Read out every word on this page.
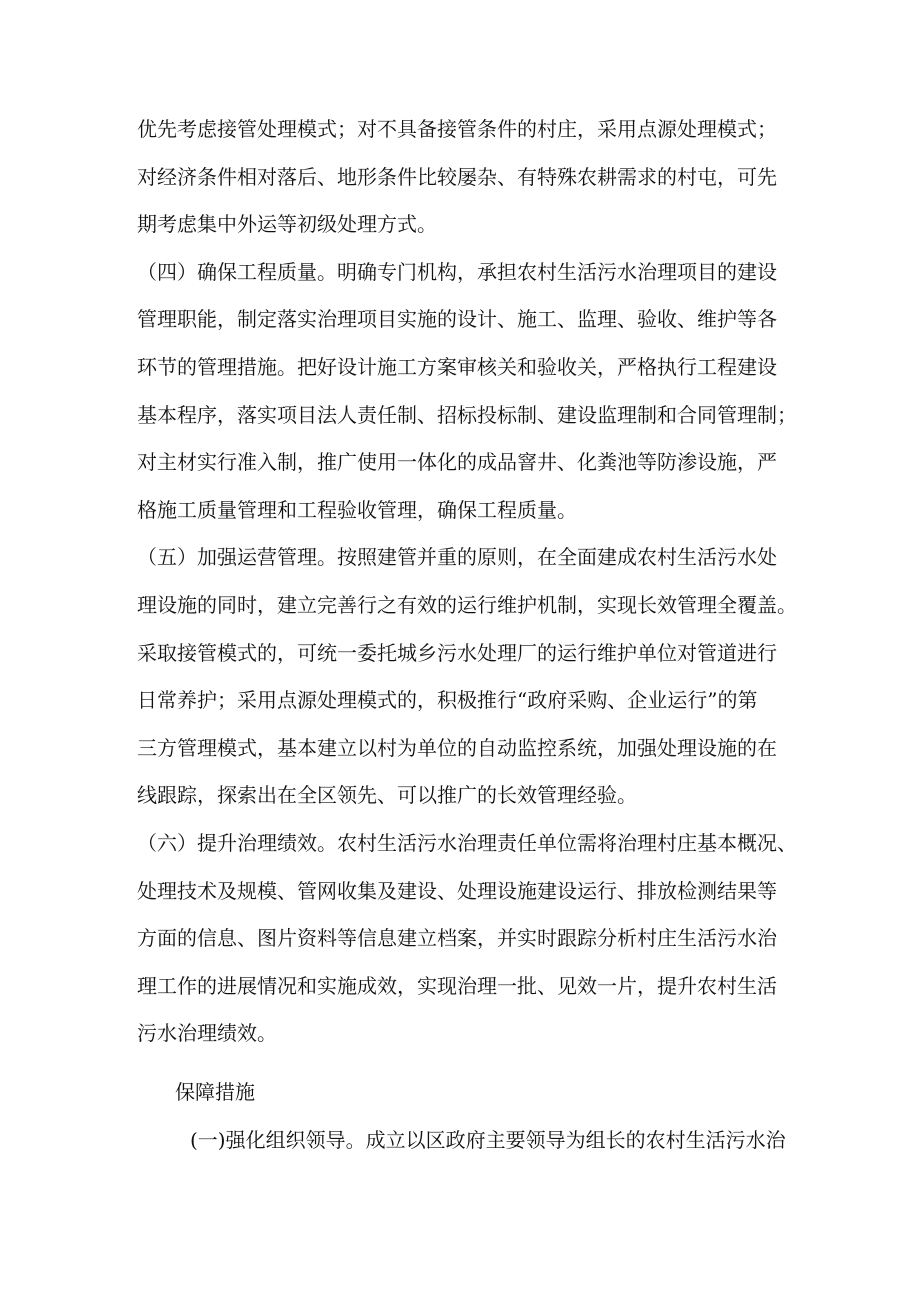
优先考虑接管处理模式；对不具备接管条件的村庄，采用点源处理模式；
对经济条件相对落后、地形条件比较屡杂、有特殊农耕需求的村屯，可先
期考虑集中外运等初级处理方式。
（四）确保工程质量。明确专门机构，承担农村生活污水治理项目的建设
管理职能，制定落实治理项目实施的设计、施工、监理、验收、维护等各
环节的管理措施。把好设计施工方案审核关和验收关，严格执行工程建设
基本程序，落实项目法人责任制、招标投标制、建设监理制和合同管理制；
对主材实行准入制，推广使用一体化的成品窨井、化粪池等防渗设施，严
格施工质量管理和工程验收管理，确保工程质量。
（五）加强运营管理。按照建管并重的原则，在全面建成农村生活污水处
理设施的同时，建立完善行之有效的运行维护机制，实现长效管理全覆盖。
采取接管模式的，可统一委托城乡污水处理厂的运行维护单位对管道进行
日常养护；采用点源处理模式的，积极推行“政府采购、企业运行”的第
三方管理模式，基本建立以村为单位的自动监控系统，加强处理设施的在
线跟踪，探索出在全区领先、可以推广的长效管理经验。
（六）提升治理绩效。农村生活污水治理责任单位需将治理村庄基本概况、
处理技术及规模、管网收集及建设、处理设施建设运行、排放检测结果等
方面的信息、图片资料等信息建立档案，并实时跟踪分析村庄生活污水治
理工作的进展情况和实施成效，实现治理一批、见效一片，提升农村生活
污水治理绩效。
保障措施
(一)强化组织领导。成立以区政府主要领导为组长的农村生活污水治
